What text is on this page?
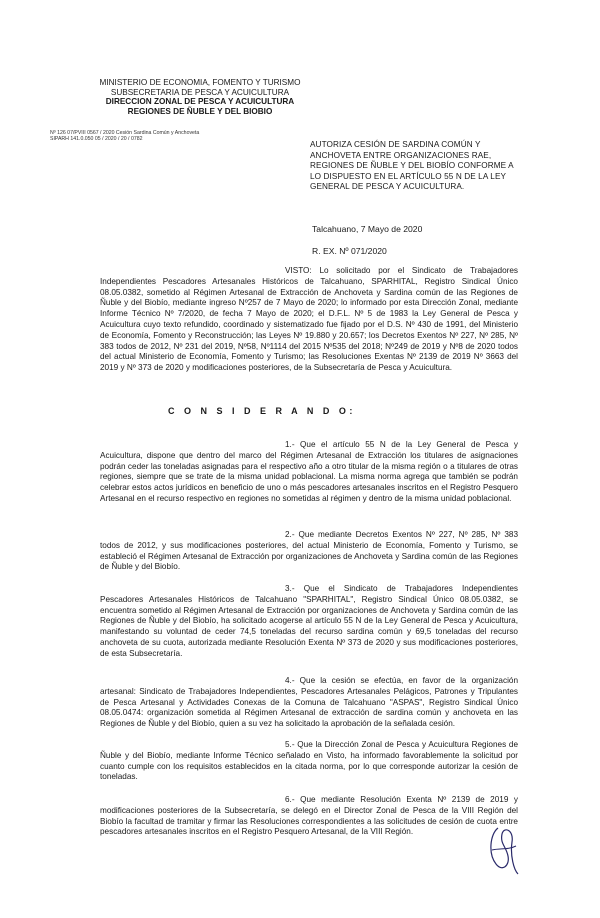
MINISTERIO DE ECONOMIA, FOMENTO Y TURISMO
SUBSECRETARIA DE PESCA Y ACUICULTURA
DIRECCION ZONAL DE PESCA Y ACUICULTURA
REGIONES DE ÑUBLE Y DEL BIOBIO
Nº 126 07/PVIII 0567 / 2020 Cesión Sardina Común y Anchoveta
SIPARH 141.0.050 05 / 2020 / 20 / 0782
AUTORIZA CESIÓN DE SARDINA COMÚN Y ANCHOVETA ENTRE ORGANIZACIONES RAE, REGIONES DE ÑUBLE Y DEL BIOBÍO CONFORME A LO DISPUESTO EN EL ARTÍCULO 55 N DE LA LEY GENERAL DE PESCA Y ACUICULTURA.
Talcahuano, 7 Mayo de 2020
R. EX. Nº 071/2020
VISTO: Lo solicitado por el Sindicato de Trabajadores Independientes Pescadores Artesanales Históricos de Talcahuano, SPARHITAL, Registro Sindical Único 08.05.0382, sometido al Régimen Artesanal de Extracción de Anchoveta y Sardina común de las Regiones de Ñuble y del Biobío, mediante ingreso Nº257 de 7 Mayo de 2020; lo informado por esta Dirección Zonal, mediante Informe Técnico Nº 7/2020, de fecha 7 Mayo de 2020; el D.F.L. Nº 5 de 1983 la Ley General de Pesca y Acuicultura cuyo texto refundido, coordinado y sistematizado fue fijado por el D.S. Nº 430 de 1991, del Ministerio de Economía, Fomento y Reconstrucción; las Leyes Nº 19.880 y 20.657; los Decretos Exentos Nº 227, Nº 285, Nº 383 todos de 2012, Nº 231 del 2019, Nº58, Nº1114 del 2015 Nº535 del 2018; Nº249 de 2019 y Nº8 de 2020 todos del actual Ministerio de Economía, Fomento y Turismo; las Resoluciones Exentas Nº 2139 de 2019 Nº 3663 del 2019 y Nº 373 de 2020 y modificaciones posteriores, de la Subsecretaría de Pesca y Acuicultura.
C O N S I D E R A N D O:
1.- Que el artículo 55 N de la Ley General de Pesca y Acuicultura, dispone que dentro del marco del Régimen Artesanal de Extracción los titulares de asignaciones podrán ceder las toneladas asignadas para el respectivo año a otro titular de la misma región o a titulares de otras regiones, siempre que se trate de la misma unidad poblacional. La misma norma agrega que también se podrán celebrar estos actos jurídicos en beneficio de uno o más pescadores artesanales inscritos en el Registro Pesquero Artesanal en el recurso respectivo en regiones no sometidas al régimen y dentro de la misma unidad poblacional.
2.- Que mediante Decretos Exentos Nº 227, Nº 285, Nº 383 todos de 2012, y sus modificaciones posteriores, del actual Ministerio de Economía, Fomento y Turismo, se estableció el Régimen Artesanal de Extracción por organizaciones de Anchoveta y Sardina común de las Regiones de Ñuble y del Biobío.
3.- Que el Sindicato de Trabajadores Independientes Pescadores Artesanales Históricos de Talcahuano "SPARHITAL", Registro Sindical Único 08.05.0382, se encuentra sometido al Régimen Artesanal de Extracción por organizaciones de Anchoveta y Sardina común de las Regiones de Ñuble y del Biobío, ha solicitado acogerse al artículo 55 N de la Ley General de Pesca y Acuicultura, manifestando su voluntad de ceder 74,5 toneladas del recurso sardina común y 69,5 toneladas del recurso anchoveta de su cuota, autorizada mediante Resolución Exenta Nº 373 de 2020 y sus modificaciones posteriores, de esta Subsecretaría.
4.- Que la cesión se efectúa, en favor de la organización artesanal: Sindicato de Trabajadores Independientes, Pescadores Artesanales Pelágicos, Patrones y Tripulantes de Pesca Artesanal y Actividades Conexas de la Comuna de Talcahuano "ASPAS", Registro Sindical Único 08.05.0474: organización sometida al Régimen Artesanal de extracción de sardina común y anchoveta en las Regiones de Ñuble y del Biobío, quien a su vez ha solicitado la aprobación de la señalada cesión.
5.- Que la Dirección Zonal de Pesca y Acuicultura Regiones de Ñuble y del Biobío, mediante Informe Técnico señalado en Visto, ha informado favorablemente la solicitud por cuanto cumple con los requisitos establecidos en la citada norma, por lo que corresponde autorizar la cesión de toneladas.
6.- Que mediante Resolución Exenta Nº 2139 de 2019 y modificaciones posteriores de la Subsecretaría, se delegó en el Director Zonal de Pesca de la VIII Región del Biobío la facultad de tramitar y firmar las Resoluciones correspondientes a las solicitudes de cesión de cuota entre pescadores artesanales inscritos en el Registro Pesquero Artesanal, de la VIII Región.
